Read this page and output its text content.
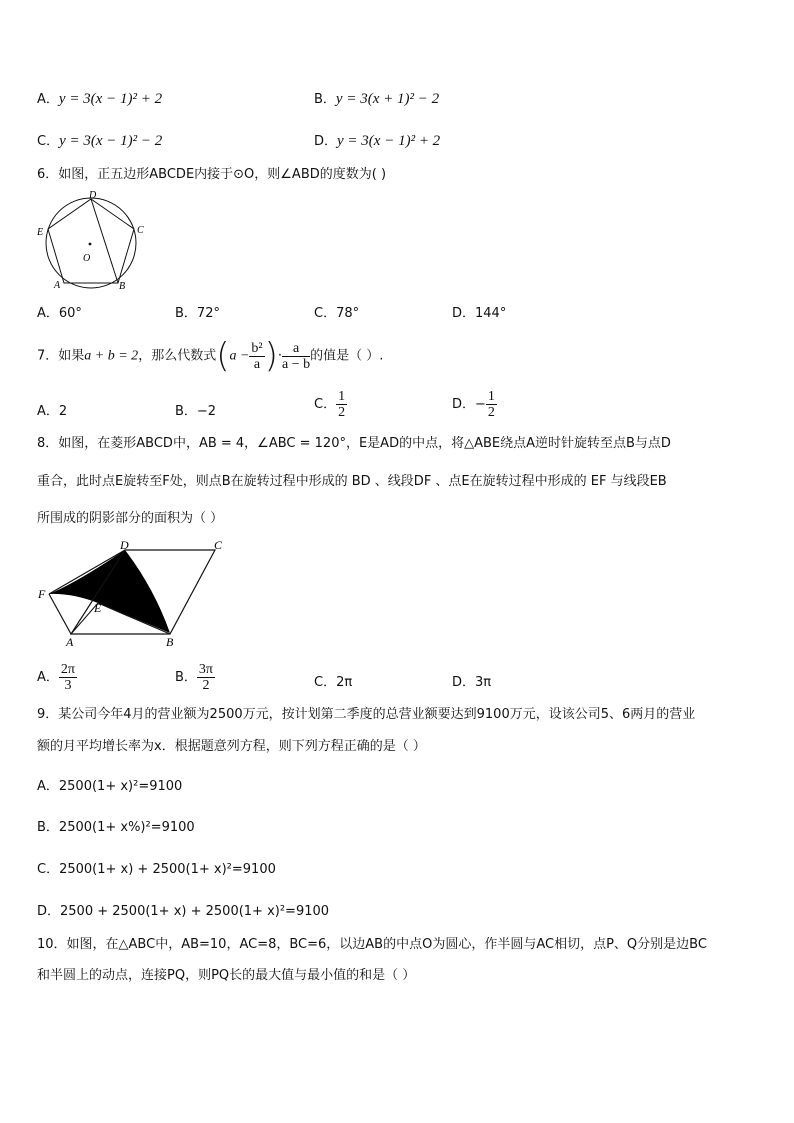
A．y = 3(x − 1)² + 2	B．y = 3(x + 1)² − 2
C．y = 3(x − 1)² − 2	D．y = 3(x − 1)² + 2
6．如图，正五边形ABCDE内接于⊙O，则∠ABD的度数为( )
D
C
E
A	B
O
A．60°	B．72°	C．78°	D．144°
7．如果a + b = 2，那么代数式($a - \frac{\text{b²}}{a}$ )· $\frac{a}{a - b}$ 的值是（ ）.
A．2	B．−2	C． $\frac{1}{2}$	D．− $\frac{1}{2}$
8．如图，在菱形ABCD中，AB = 4，∠ABC = 120°，E是AD的中点，将△ABE绕点A逆时针旋转至点B与点D
重合，此时点E旋转至F处，则点B在旋转过程中形成的 BD 、线段DF 、点E在旋转过程中形成的 EF 与线段EB
所围成的阴影部分的面积为（ ）
D	C
F
E
A	B
A． $\frac{2\pi}{3}$	B． $\frac{3\pi}{2}$	C．2π	D．3π
9．某公司今年4月的营业额为2500万元，按计划第二季度的总营业额要达到9100万元，设该公司5、6两月的营业
额的月平均增长率为x．根据题意列方程，则下列方程正确的是（ ）
A．2500(1+ x)²=9100
B．2500(1+ x%)²=9100
C．2500(1+ x) + 2500(1+ x)²=9100
D．2500 + 2500(1+ x) + 2500(1+ x)²=9100
10．如图，在△ABC中，AB=10，AC=8，BC=6，以边AB的中点O为圆心，作半圆与AC相切，点P、Q分别是边BC
和半圆上的动点，连接PQ，则PQ长的最大值与最小值的和是（ ）
